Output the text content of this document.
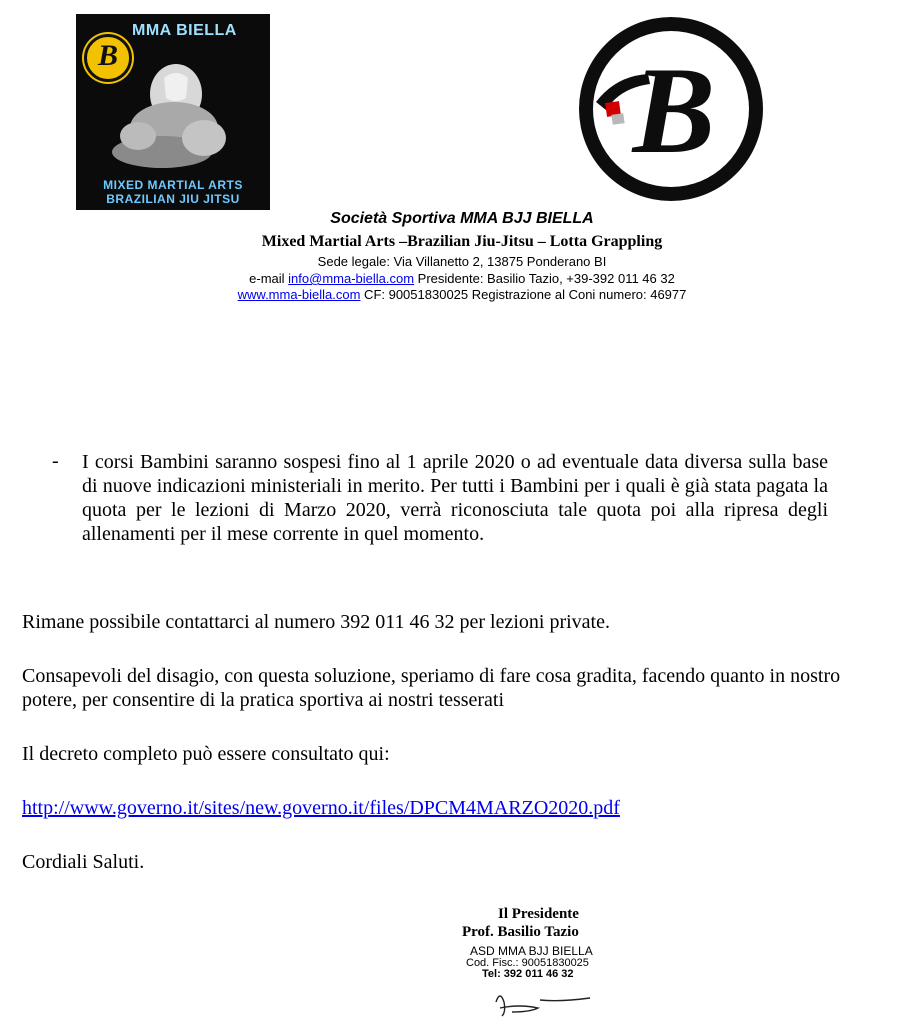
B
MMA BIELLA
MIXED MARTIAL ARTS
BRAZILIAN JIU JITSU
B
Società Sportiva MMA BJJ BIELLA
Mixed Martial Arts –Brazilian Jiu-Jitsu – Lotta Grappling
Sede legale: Via Villanetto 2, 13875 Ponderano BI
e-mail info@mma-biella.com Presidente: Basilio Tazio, +39-392 011 46 32
www.mma-biella.com CF: 90051830025 Registrazione al Coni numero: 46977
- I corsi Bambini saranno sospesi fino al 1 aprile 2020 o ad eventuale data diversa sulla base di nuove indicazioni ministeriali in merito. Per tutti i Bambini per i quali è già stata pagata la quota per le lezioni di Marzo 2020, verrà riconosciuta tale quota poi alla ripresa degli allenamenti per il mese corrente in quel momento.
Rimane possibile contattarci al numero 392 011 46 32 per lezioni private.
Consapevoli del disagio, con questa soluzione, speriamo di fare cosa gradita, facendo quanto in nostro potere, per consentire di la pratica sportiva ai nostri tesserati
Il decreto completo può essere consultato qui:
http://www.governo.it/sites/new.governo.it/files/DPCM4MARZO2020.pdf
Cordiali Saluti.
Il Presidente
Prof. Basilio Tazio
ASD MMA BJJ BIELLA
Cod. Fisc.: 90051830025
Tel: 392 011 46 32
